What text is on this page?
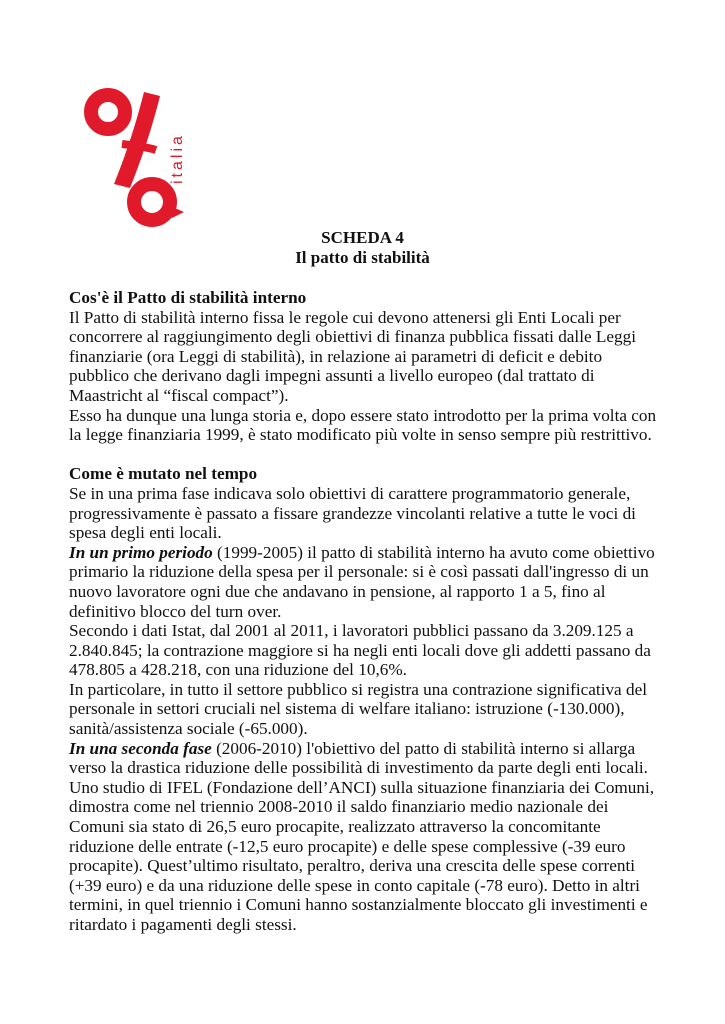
italia
SCHEDA 4
Il patto di stabilità

Cos'è il Patto di stabilità interno

Il Patto di stabilità interno fissa le regole cui devono attenersi gli Enti Locali per concorrere al raggiungimento degli obiettivi di finanza pubblica fissati dalle Leggi finanziarie (ora Leggi di stabilità), in relazione ai parametri di deficit e debito pubblico che derivano dagli impegni assunti a livello europeo (dal trattato di Maastricht al “fiscal compact”).

Esso ha dunque una lunga storia e, dopo essere stato introdotto per la prima volta con la legge finanziaria 1999, è stato modificato più volte in senso sempre più restrittivo.

Come è mutato nel tempo

Se in una prima fase indicava solo obiettivi di carattere programmatorio generale, progressivamente è passato a fissare grandezze vincolanti relative a tutte le voci di spesa degli enti locali.

In un primo periodo (1999-2005) il patto di stabilità interno ha avuto come obiettivo primario la riduzione della spesa per il personale: si è così passati dall'ingresso di un nuovo lavoratore ogni due che andavano in pensione, al rapporto 1 a 5, fino al definitivo blocco del turn over.

Secondo i dati Istat, dal 2001 al 2011, i lavoratori pubblici passano da 3.209.125 a 2.840.845; la contrazione maggiore si ha negli enti locali dove gli addetti passano da 478.805 a 428.218, con una riduzione del 10,6%.

In particolare, in tutto il settore pubblico si registra una contrazione significativa del personale in settori cruciali nel sistema di welfare italiano: istruzione (-130.000), sanità/assistenza sociale (-65.000).

In una seconda fase (2006-2010) l'obiettivo del patto di stabilità interno si allarga verso la drastica riduzione delle possibilità di investimento da parte degli enti locali.

Uno studio di IFEL (Fondazione dell’ANCI) sulla situazione finanziaria dei Comuni, dimostra come nel triennio 2008-2010 il saldo finanziario medio nazionale dei Comuni sia stato di 26,5 euro procapite, realizzato attraverso la concomitante riduzione delle entrate (-12,5 euro procapite) e delle spese complessive (-39 euro procapite). Quest’ultimo risultato, peraltro, deriva una crescita delle spese correnti (+39 euro) e da una riduzione delle spese in conto capitale (-78 euro). Detto in altri termini, in quel triennio i Comuni hanno sostanzialmente bloccato gli investimenti e ritardato i pagamenti degli stessi.
